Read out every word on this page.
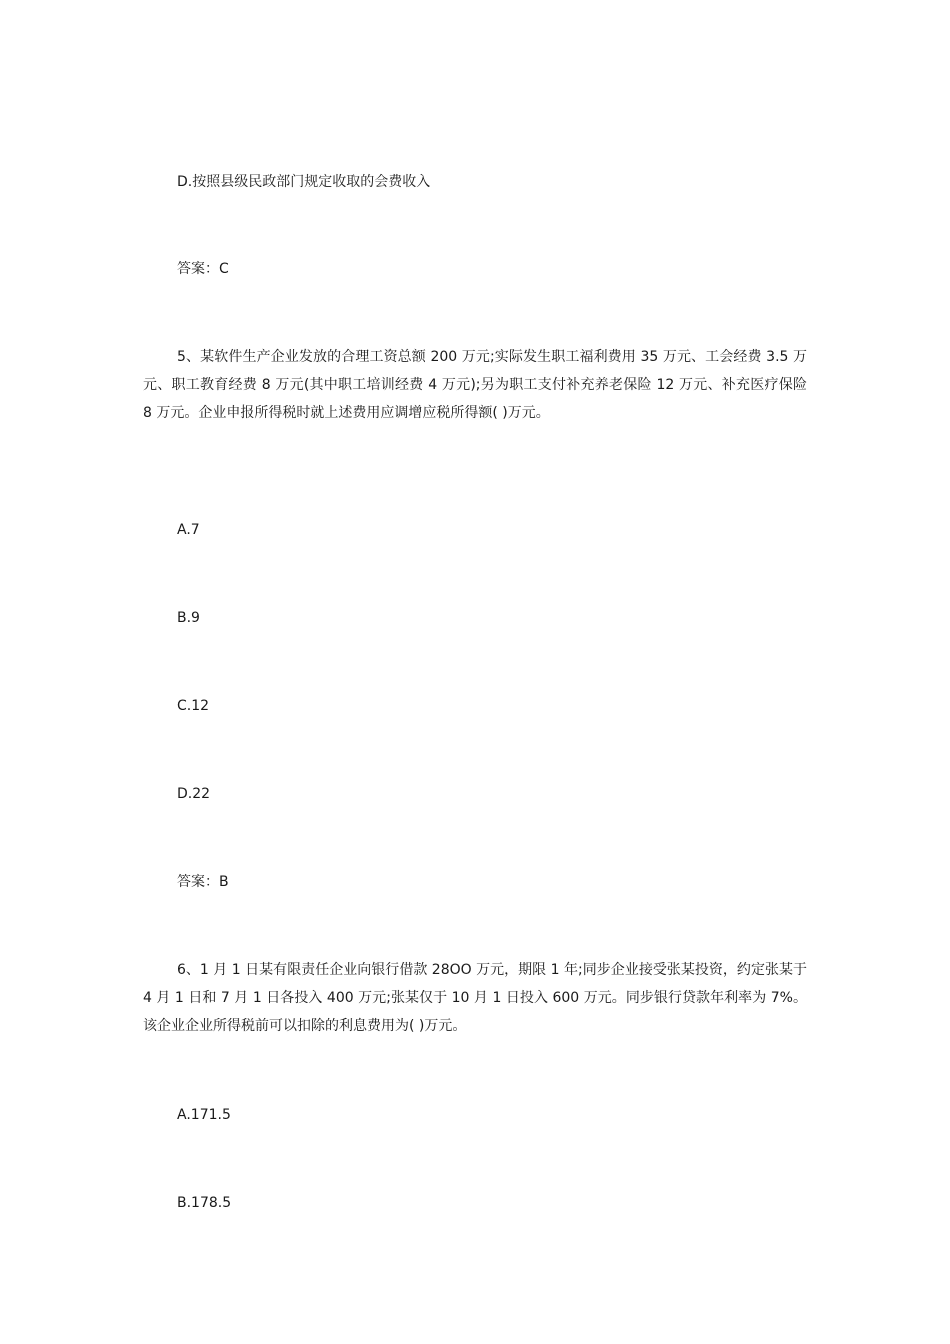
D.按照县级民政部门规定收取的会费收入
答案：C
5、某软件生产企业发放的合理工资总额 200 万元;实际发生职工福利费用 35 万元、工会经费 3.5 万元、职工教育经费 8 万元(其中职工培训经费 4 万元);另为职工支付补充养老保险 12 万元、补充医疗保险 8 万元。企业申报所得税时就上述费用应调增应税所得额( )万元。
A.7
B.9
C.12
D.22
答案：B
6、1 月 1 日某有限责任企业向银行借款 28OO 万元，期限 1 年;同步企业接受张某投资，约定张某于 4 月 1 日和 7 月 1 日各投入 400 万元;张某仅于 10 月 1 日投入 600 万元。同步银行贷款年利率为 7%。该企业企业所得税前可以扣除的利息费用为( )万元。
A.171.5
B.178.5
